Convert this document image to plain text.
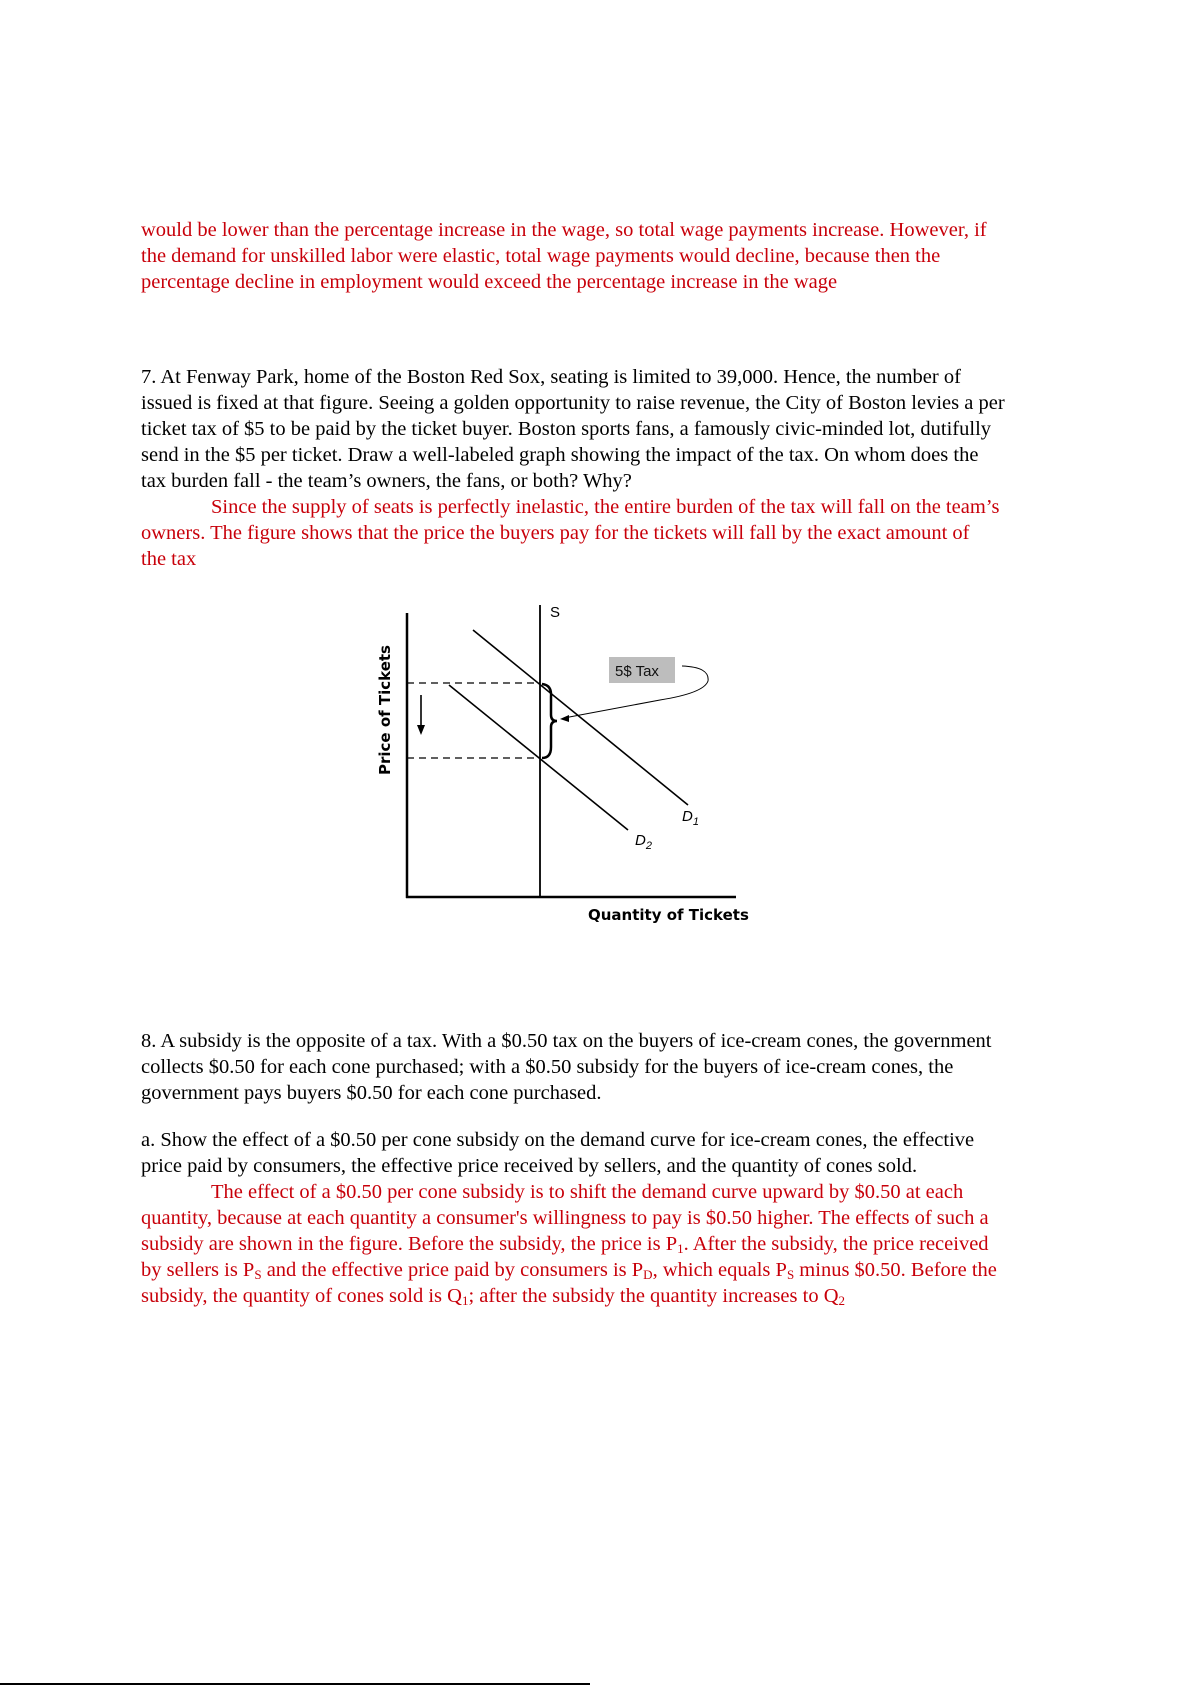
would be lower than the percentage increase in the wage, so total wage payments increase. However, if
the demand for unskilled labor were elastic, total wage payments would decline, because then the
percentage decline in employment would exceed the percentage increase in the wage
7. At Fenway Park, home of the Boston Red Sox, seating is limited to 39,000. Hence, the number of
issued is fixed at that figure. Seeing a golden opportunity to raise revenue, the City of Boston levies a per
ticket tax of $5 to be paid by the ticket buyer. Boston sports fans, a famously civic-minded lot, dutifully
send in the $5 per ticket. Draw a well-labeled graph showing the impact of the tax. On whom does the
tax burden fall - the team’s owners, the fans, or both? Why?
Since the supply of seats is perfectly inelastic, the entire burden of the tax will fall on the team’s
owners. The figure shows that the price the buyers pay for the tickets will fall by the exact amount of
the tax
S
$D_1$
$D_2$
5$ Tax
Price of Tickets
Quantity of Tickets
8. A subsidy is the opposite of a tax. With a $0.50 tax on the buyers of ice-cream cones, the government
collects $0.50 for each cone purchased; with a $0.50 subsidy for the buyers of ice-cream cones, the
government pays buyers $0.50 for each cone purchased.
a. Show the effect of a $0.50 per cone subsidy on the demand curve for ice-cream cones, the effective
price paid by consumers, the effective price received by sellers, and the quantity of cones sold.
The effect of a $0.50 per cone subsidy is to shift the demand curve upward by $0.50 at each
quantity, because at each quantity a consumer's willingness to pay is $0.50 higher. The effects of such a
subsidy are shown in the figure. Before the subsidy, the price is $P_1$. After the subsidy, the price received
by sellers is $P_S$ and the effective price paid by consumers is $P_D$, which equals $P_S$ minus $0.50. Before the
subsidy, the quantity of cones sold is $Q_1$; after the subsidy the quantity increases to $Q_2$
